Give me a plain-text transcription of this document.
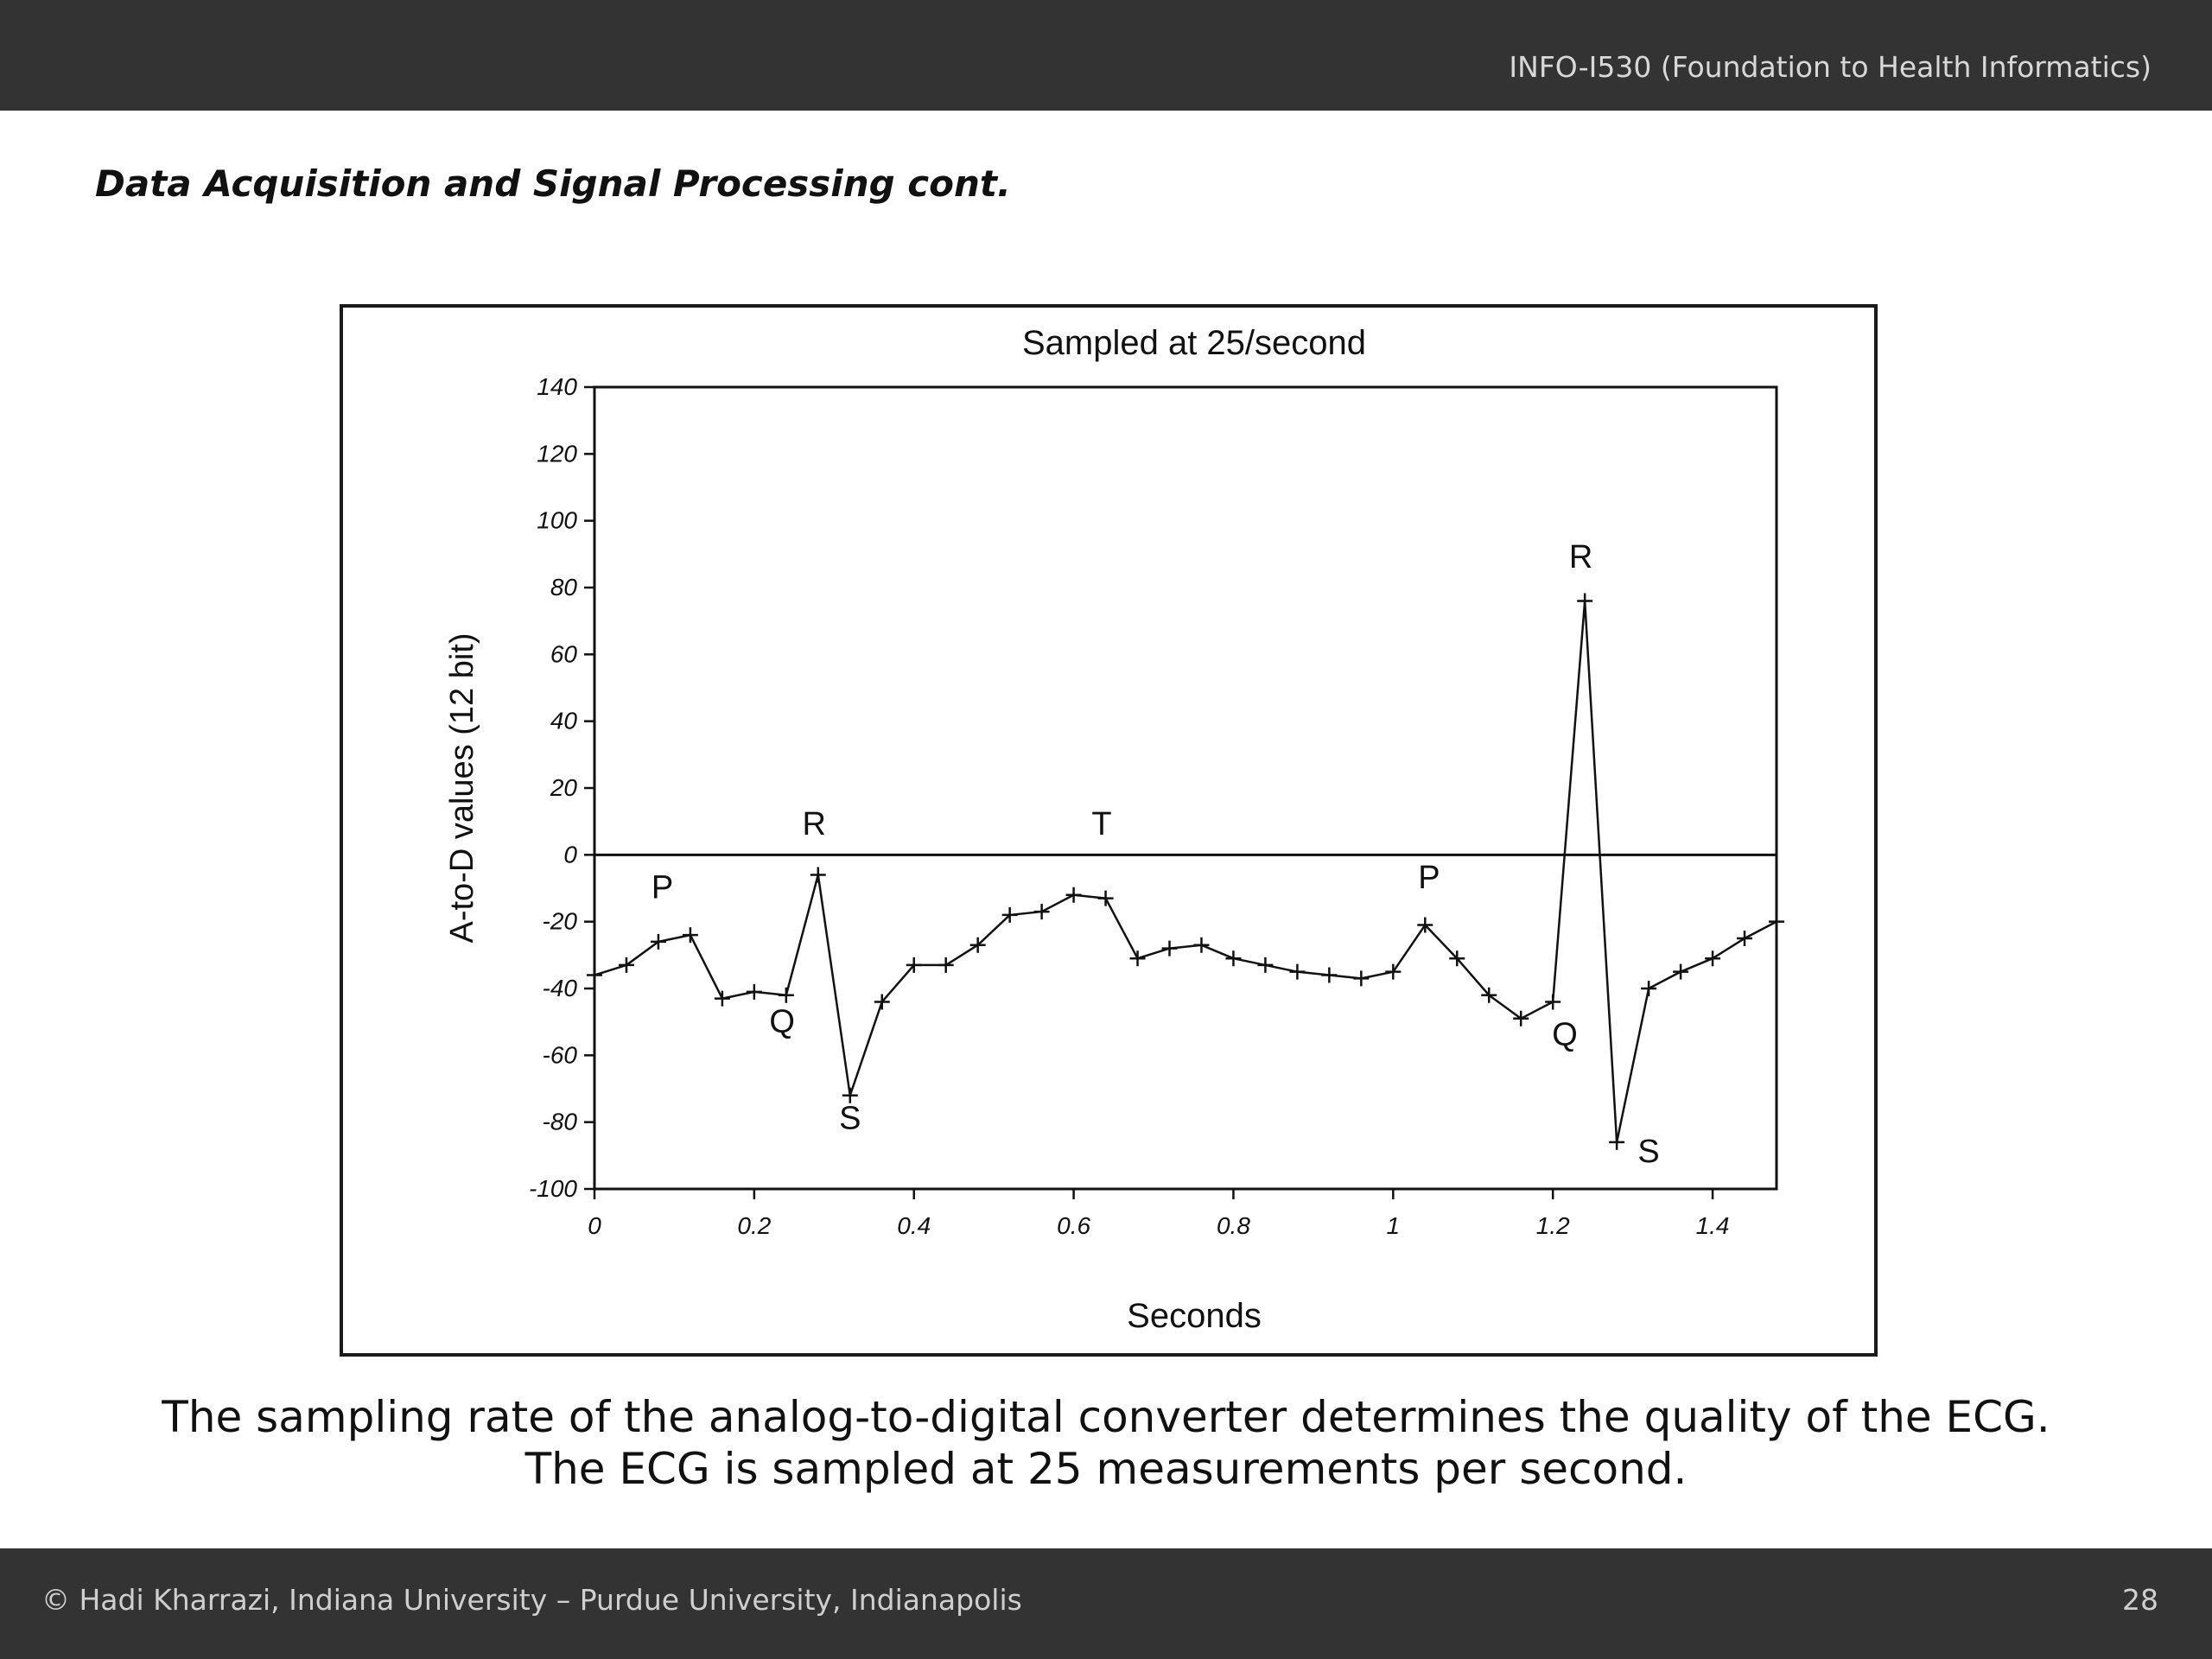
INFO-I530 (Foundation to Health Informatics)
Data Acquisition and Signal Processing cont.
Sampled at 25/second
140
120
100
80
60
40
20
0
-20
-40
-60
-80
-100
0	0.2	0.4	0.6	0.8	1	1.2	1.4
Seconds
A-to-D values (12 bit)	P
Q
R
S
T
P
Q
R
S
The sampling rate of the analog-to-digital converter determines the quality of the ECG.
The ECG is sampled at 25 measurements per second.
© Hadi Kharrazi, Indiana University – Purdue University, Indianapolis	28
